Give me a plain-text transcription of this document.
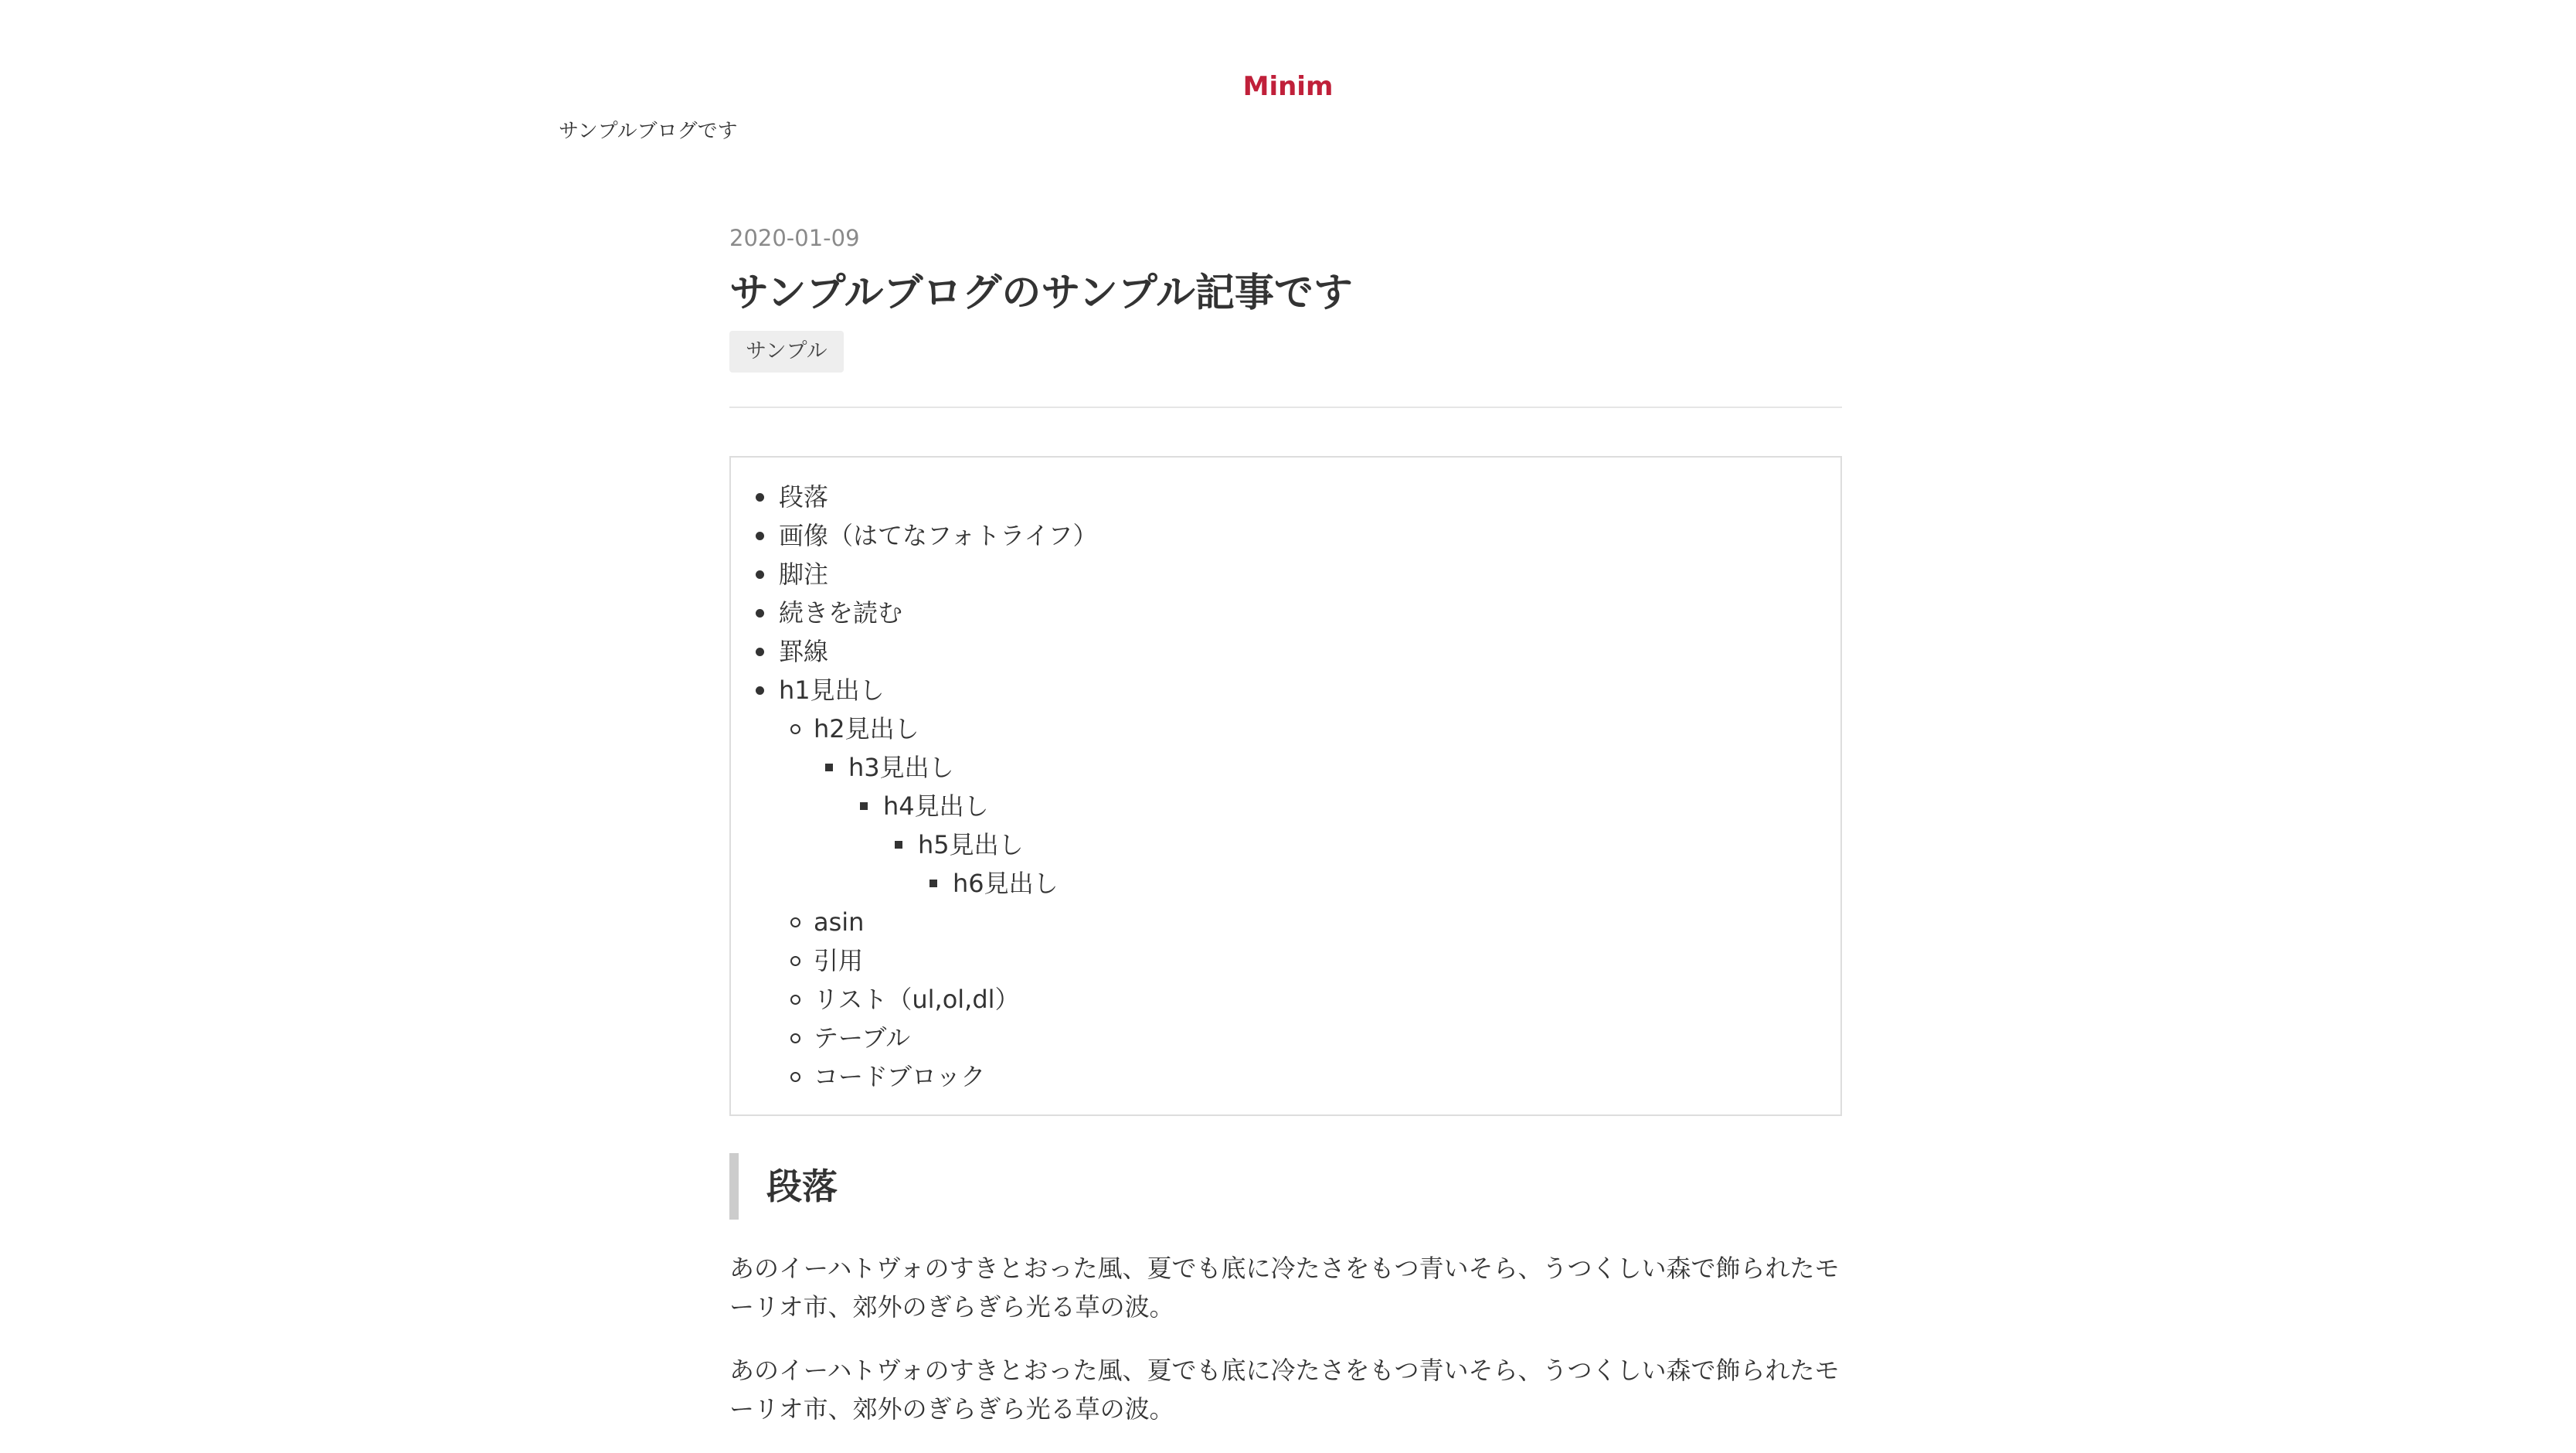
Minim
サンプルブログです
2020-01-09
サンプルブログのサンプル記事です
サンプル
段落
画像（はてなフォトライフ）
脚注
続きを読む
罫線
h1見出し
h2見出し
h3見出し
h4見出し
h5見出し
h6見出し
asin
引用
リスト（ul,ol,dl）
テーブル
コードブロック
段落

あのイーハトヴォのすきとおった風、夏でも底に冷たさをもつ青いそら、うつくしい森で飾られたモーリオ市、郊外のぎらぎら光る草の波。

あのイーハトヴォのすきとおった風、夏でも底に冷たさをもつ青いそら、うつくしい森で飾られたモーリオ市、郊外のぎらぎら光る草の波。
